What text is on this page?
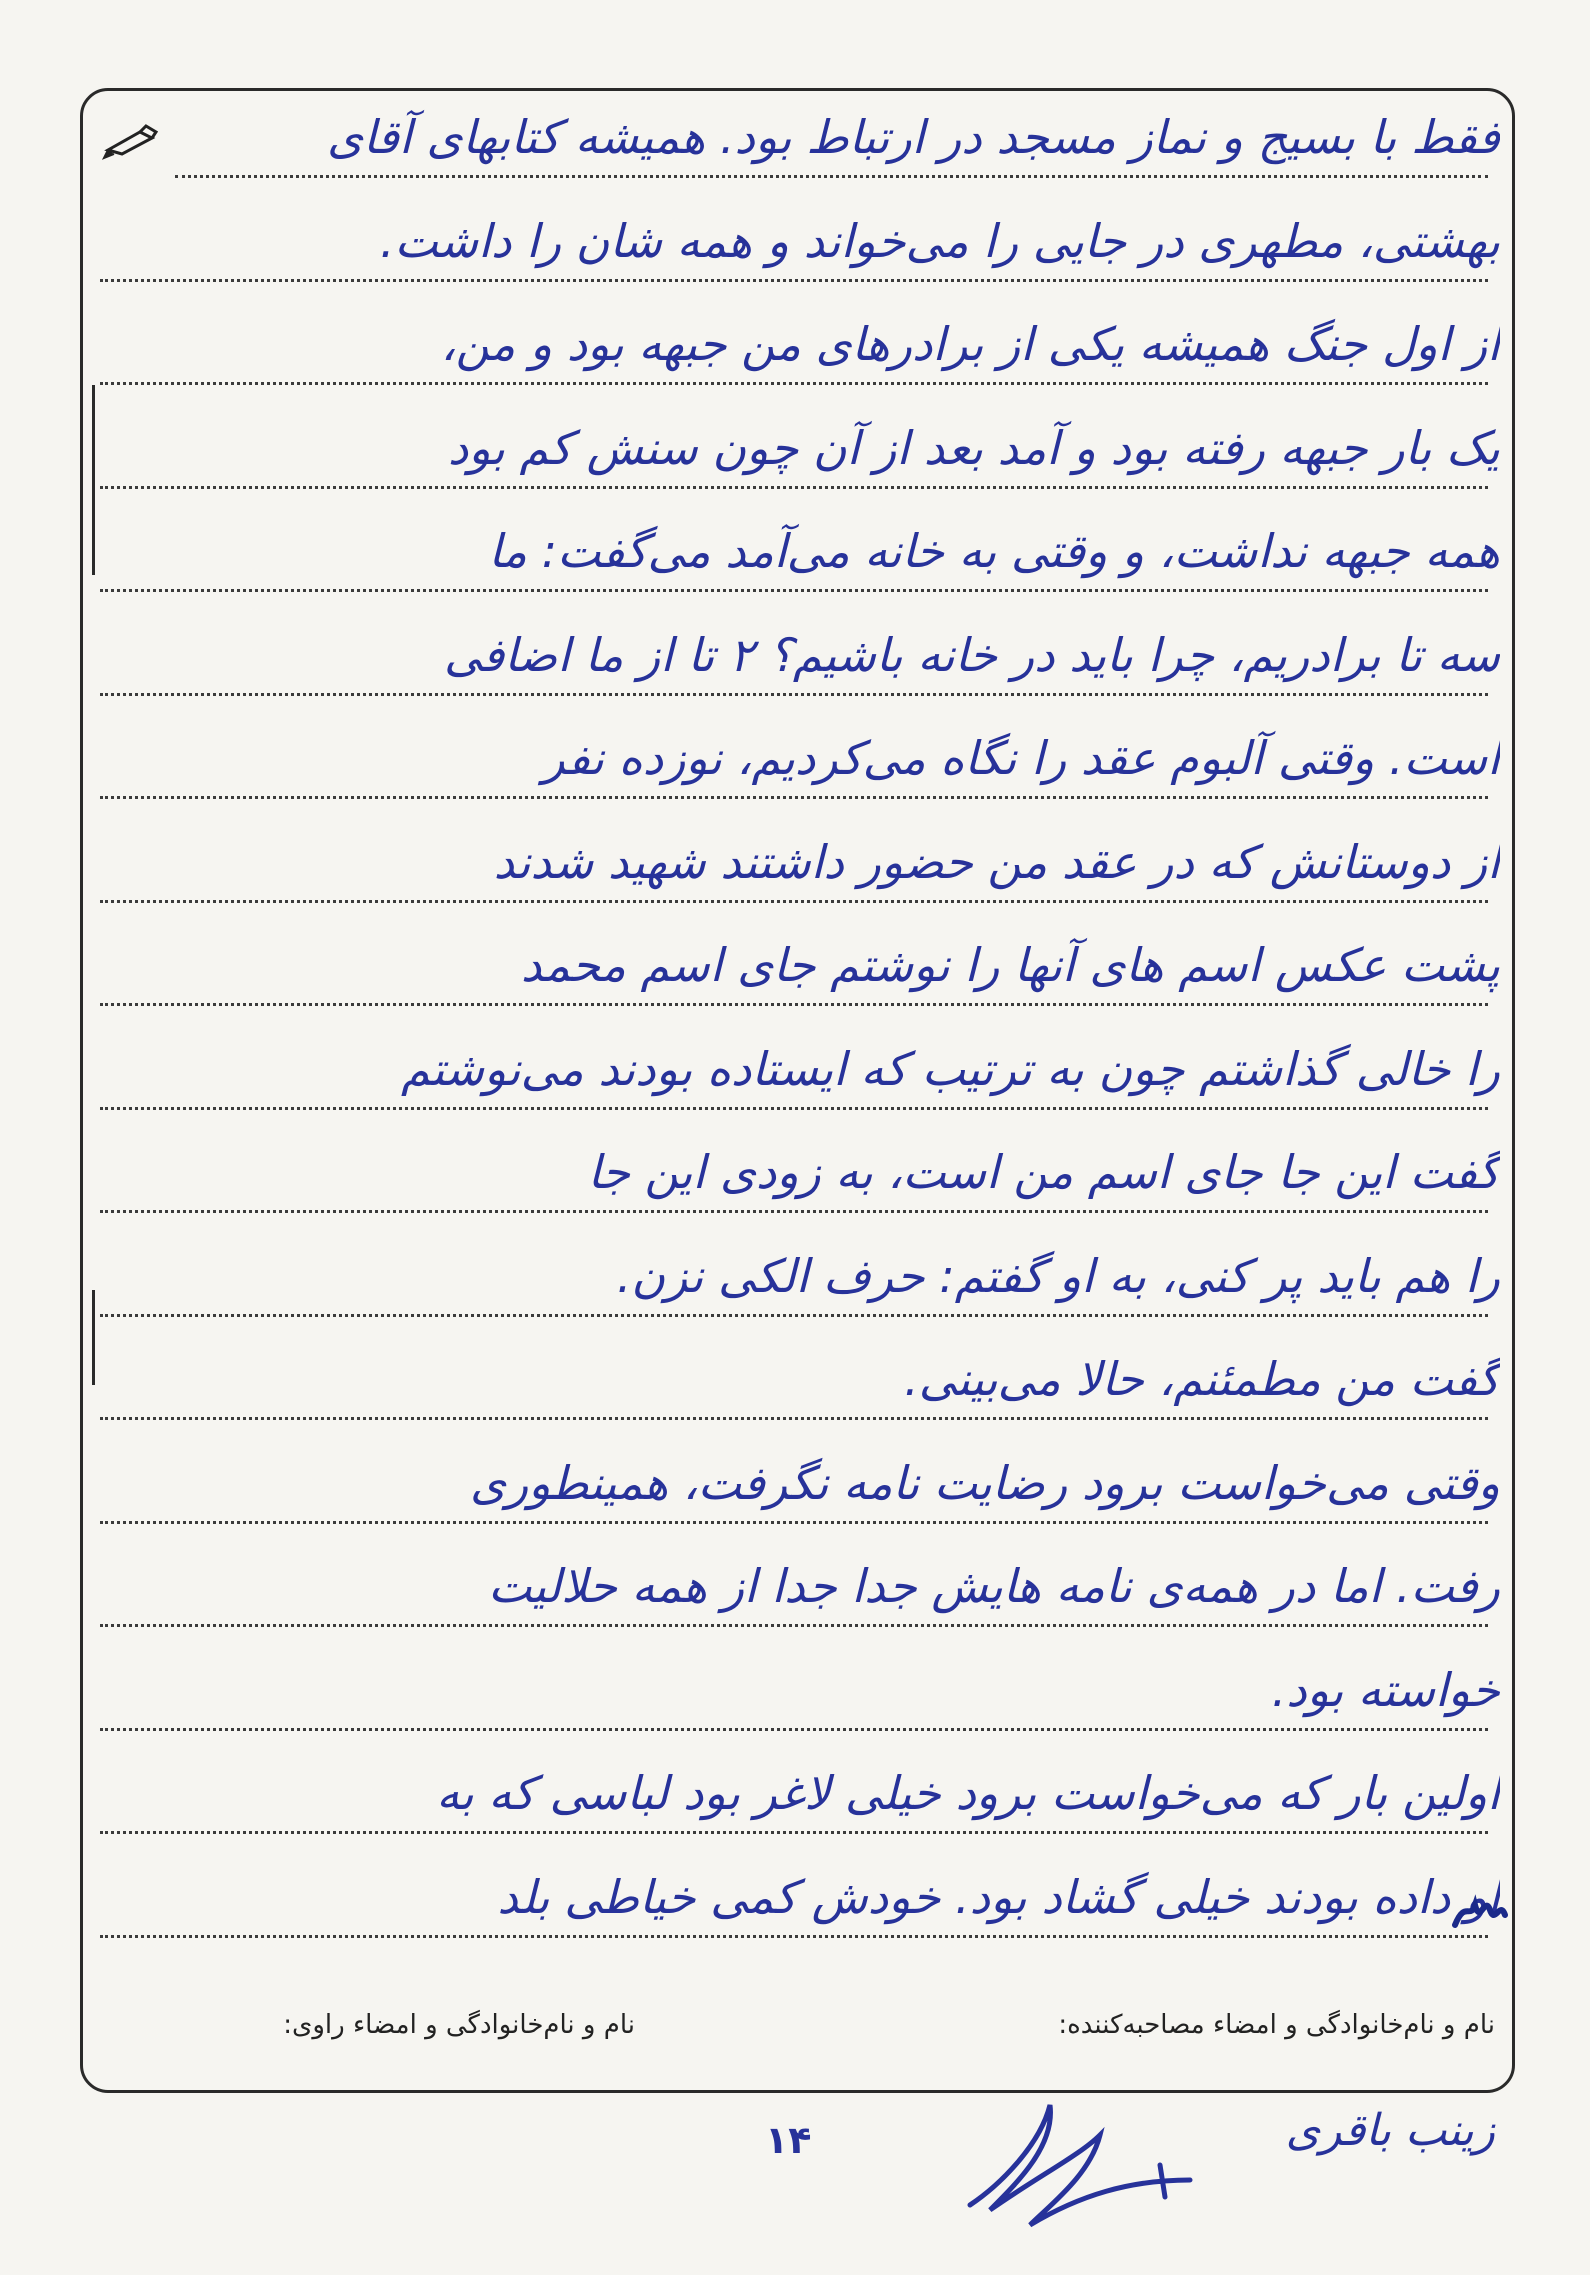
فقط با بسیج و نماز مسجد در ارتباط بود. همیشه کتابهای آقای
بهشتی، مطهری در جایی را می‌خواند و همه شان را داشت.
از اول جنگ همیشه یکی از برادرهای من جبهه بود و من،
یک بار جبهه رفته بود و آمد بعد از آن چون سنش کم بود
همه جبهه نداشت، و وقتی به خانه می‌آمد می‌گفت: ما
سه تا برادریم، چرا باید در خانه باشیم؟ ۲ تا از ما اضافی
است. وقتی آلبوم عقد را نگاه می‌کردیم، نوزده نفر
از دوستانش که در عقد من حضور داشتند شهید شدند
پشت عکس اسم های آنها را نوشتم جای اسم محمد
را خالی گذاشتم چون به ترتیب که ایستاده بودند می‌نوشتم
گفت این جا جای اسم من است، به زودی این جا
را هم باید پر کنی، به او گفتم: حرف الکی نزن.
گفت من مطمئنم، حالا می‌بینی.
وقتی می‌خواست برود رضایت نامه نگرفت، همینطوری
رفت. اما در همه‌ی نامه هایش جدا جدا از همه حلالیت
خواسته بود.
اولین بار که می‌خواست برود خیلی لاغر بود لباسی که به
او داده بودند خیلی گشاد بود. خودش کمی خیاطی بلد
نام و نام‌خانوادگی و امضاء مصاحبه‌کننده:
نام و نام‌خانوادگی و امضاء راوی:
زینب باقری
۱۴
